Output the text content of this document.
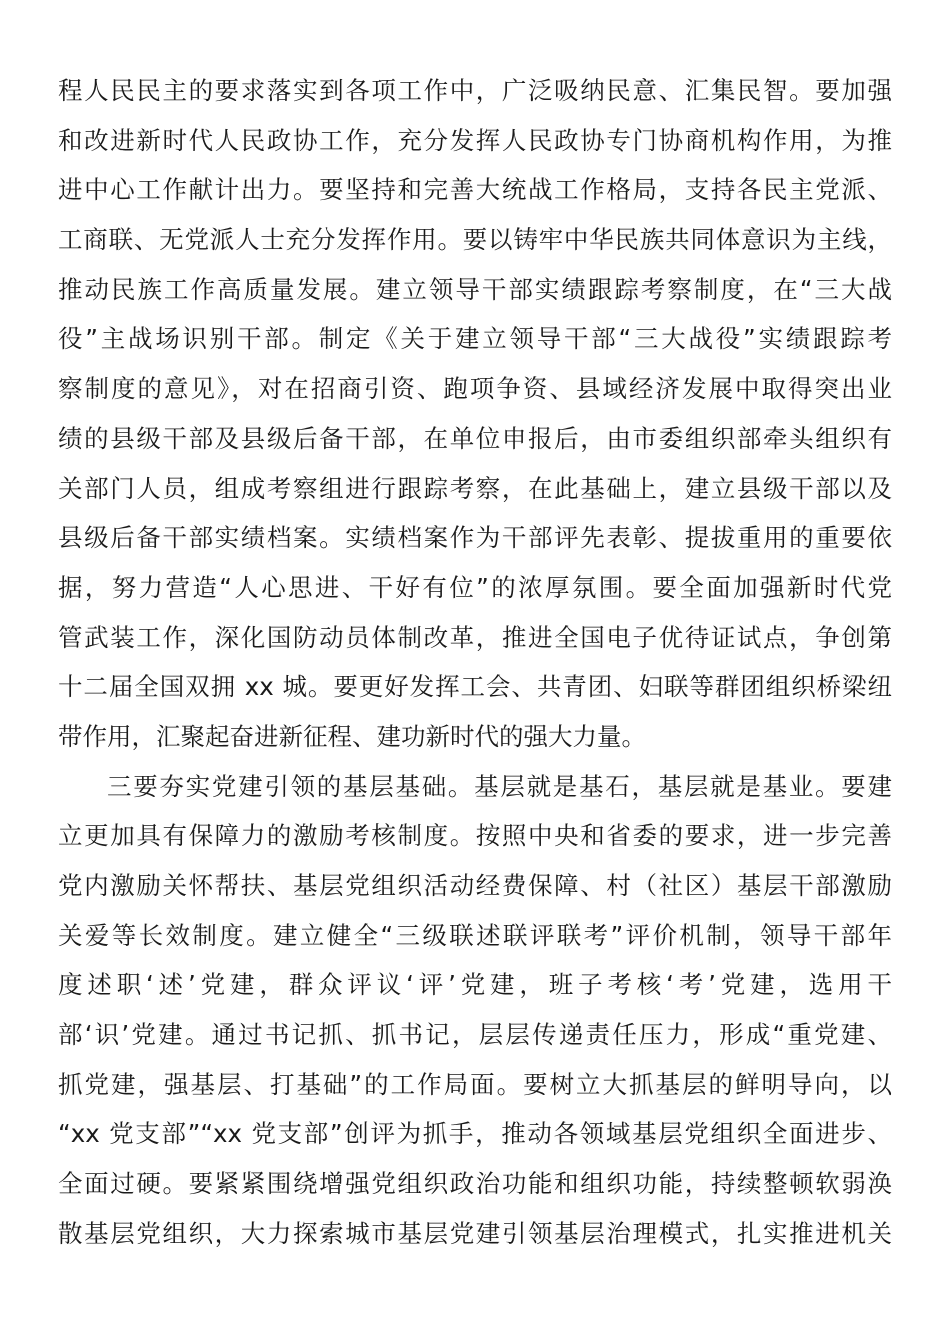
程人民民主的要求落实到各项工作中，广泛吸纳民意、汇集民智。要加强
和改进新时代人民政协工作，充分发挥人民政协专门协商机构作用，为推
进中心工作献计出力。要坚持和完善大统战工作格局，支持各民主党派、
工商联、无党派人士充分发挥作用。要以铸牢中华民族共同体意识为主线，
推动民族工作高质量发展。建立领导干部实绩跟踪考察制度，在“三大战
役”主战场识别干部。制定《关于建立领导干部“三大战役”实绩跟踪考
察制度的意见》，对在招商引资、跑项争资、县域经济发展中取得突出业
绩的县级干部及县级后备干部，在单位申报后，由市委组织部牵头组织有
关部门人员，组成考察组进行跟踪考察，在此基础上，建立县级干部以及
县级后备干部实绩档案。实绩档案作为干部评先表彰、提拔重用的重要依
据，努力营造“人心思进、干好有位”的浓厚氛围。要全面加强新时代党
管武装工作，深化国防动员体制改革，推进全国电子优待证试点，争创第
十二届全国双拥 xx 城。要更好发挥工会、共青团、妇联等群团组织桥梁纽
带作用，汇聚起奋进新征程、建功新时代的强大力量。
三要夯实党建引领的基层基础。基层就是基石，基层就是基业。要建
立更加具有保障力的激励考核制度。按照中央和省委的要求，进一步完善
党内激励关怀帮扶、基层党组织活动经费保障、村（社区）基层干部激励
关爱等长效制度。建立健全“三级联述联评联考”评价机制，领导干部年
度述职‘述’党建，群众评议‘评’党建，班子考核‘考’党建，选用干
部‘识’党建。通过书记抓、抓书记，层层传递责任压力，形成“重党建、
抓党建，强基层、打基础”的工作局面。要树立大抓基层的鲜明导向，以
“xx 党支部”“xx 党支部”创评为抓手，推动各领域基层党组织全面进步、
全面过硬。要紧紧围绕增强党组织政治功能和组织功能，持续整顿软弱涣
散基层党组织，大力探索城市基层党建引领基层治理模式，扎实推进机关
